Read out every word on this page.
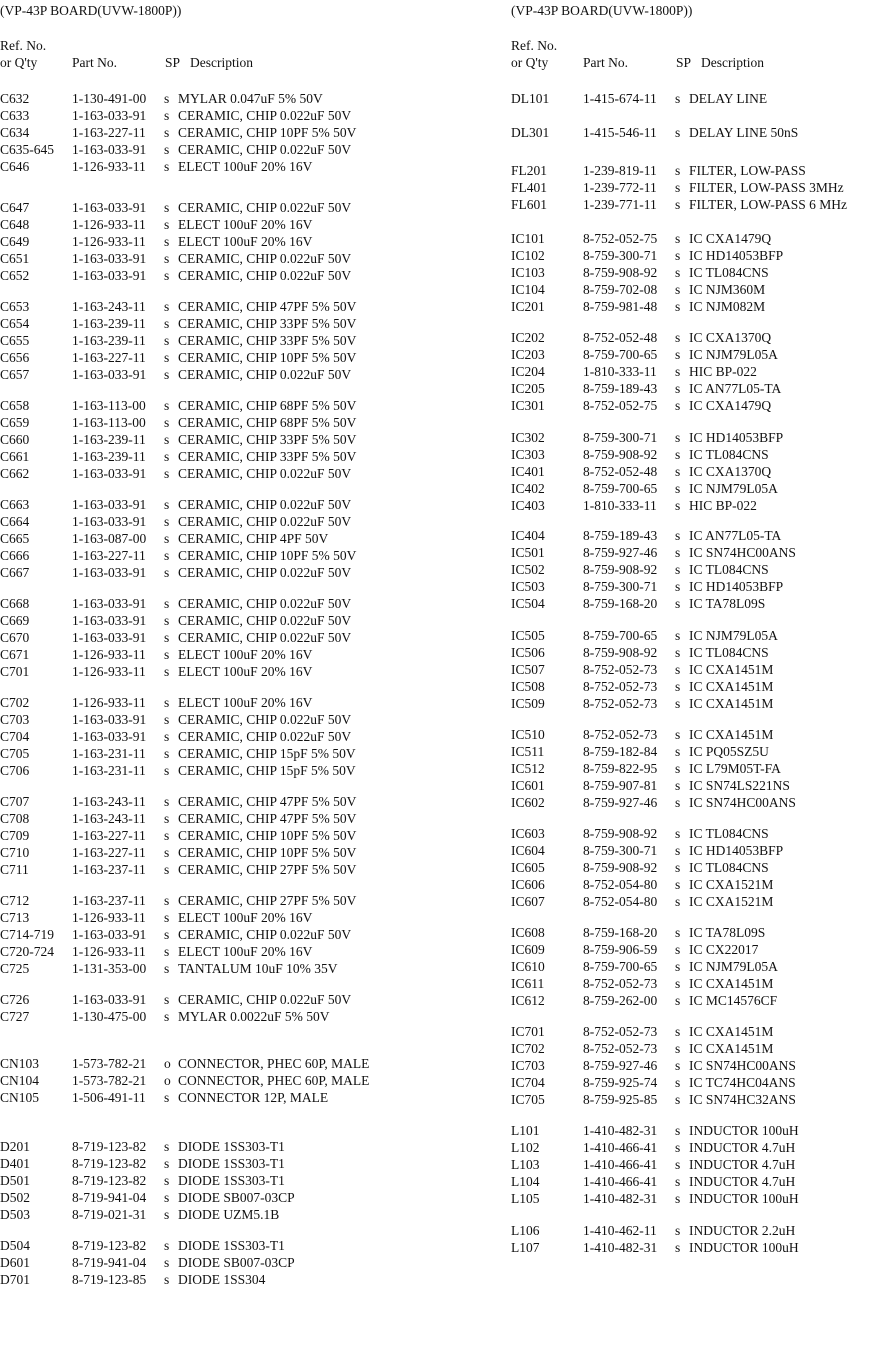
(VP-43P BOARD(UVW-1800P))
Ref. No.
or Q'ty	Part No.	SP Description
C632	1-130-491-00 s MYLAR 0.047uF 5% 50V
C633	1-163-033-91 s CERAMIC, CHIP 0.022uF 50V
C634	1-163-227-11 s CERAMIC, CHIP 10PF 5% 50V
C635-645 1-163-033-91 s CERAMIC, CHIP 0.022uF 50V
C646	1-126-933-11 s ELECT 100uF 20% 16V
C647	1-163-033-91 s CERAMIC, CHIP 0.022uF 50V
C648	1-126-933-11 s ELECT 100uF 20% 16V
C649	1-126-933-11 s ELECT 100uF 20% 16V
C651	1-163-033-91 s CERAMIC, CHIP 0.022uF 50V
C652	1-163-033-91 s CERAMIC, CHIP 0.022uF 50V
C653	1-163-243-11 s CERAMIC, CHIP 47PF 5% 50V
C654	1-163-239-11 s CERAMIC, CHIP 33PF 5% 50V
C655	1-163-239-11 s CERAMIC, CHIP 33PF 5% 50V
C656	1-163-227-11 s CERAMIC, CHIP 10PF 5% 50V
C657	1-163-033-91 s CERAMIC, CHIP 0.022uF 50V
C658	1-163-113-00 s CERAMIC, CHIP 68PF 5% 50V
C659	1-163-113-00 s CERAMIC, CHIP 68PF 5% 50V
C660	1-163-239-11 s CERAMIC, CHIP 33PF 5% 50V
C661	1-163-239-11 s CERAMIC, CHIP 33PF 5% 50V
C662	1-163-033-91 s CERAMIC, CHIP 0.022uF 50V
C663	1-163-033-91 s CERAMIC, CHIP 0.022uF 50V
C664	1-163-033-91 s CERAMIC, CHIP 0.022uF 50V
C665	1-163-087-00 s CERAMIC, CHIP 4PF 50V
C666	1-163-227-11 s CERAMIC, CHIP 10PF 5% 50V
C667	1-163-033-91 s CERAMIC, CHIP 0.022uF 50V
C668	1-163-033-91 s CERAMIC, CHIP 0.022uF 50V
C669	1-163-033-91 s CERAMIC, CHIP 0.022uF 50V
C670	1-163-033-91 s CERAMIC, CHIP 0.022uF 50V
C671	1-126-933-11 s ELECT 100uF 20% 16V
C701	1-126-933-11 s ELECT 100uF 20% 16V
C702	1-126-933-11 s ELECT 100uF 20% 16V
C703	1-163-033-91 s CERAMIC, CHIP 0.022uF 50V
C704	1-163-033-91 s CERAMIC, CHIP 0.022uF 50V
C705	1-163-231-11 s CERAMIC, CHIP 15pF 5% 50V
C706	1-163-231-11 s CERAMIC, CHIP 15pF 5% 50V
C707	1-163-243-11 s CERAMIC, CHIP 47PF 5% 50V
C708	1-163-243-11 s CERAMIC, CHIP 47PF 5% 50V
C709	1-163-227-11 s CERAMIC, CHIP 10PF 5% 50V
C710	1-163-227-11 s CERAMIC, CHIP 10PF 5% 50V
C711	1-163-237-11 s CERAMIC, CHIP 27PF 5% 50V
C712	1-163-237-11 s CERAMIC, CHIP 27PF 5% 50V
C713	1-126-933-11 s ELECT 100uF 20% 16V
C714-719 1-163-033-91 s CERAMIC, CHIP 0.022uF 50V
C720-724 1-126-933-11 s ELECT 100uF 20% 16V
C725	1-131-353-00 s TANTALUM 10uF 10% 35V
C726	1-163-033-91 s CERAMIC, CHIP 0.022uF 50V
C727	1-130-475-00 s MYLAR 0.0022uF 5% 50V
CN103 1-573-782-21 o CONNECTOR, PHEC 60P, MALE
CN104 1-573-782-21 o CONNECTOR, PHEC 60P, MALE
CN105 1-506-491-11 s CONNECTOR 12P, MALE
D201	8-719-123-82 s DIODE 1SS303-T1
D401	8-719-123-82 s DIODE 1SS303-T1
D501	8-719-123-82 s DIODE 1SS303-T1
D502	8-719-941-04 s DIODE SB007-03CP
D503	8-719-021-31 s DIODE UZM5.1B
D504	8-719-123-82 s DIODE 1SS303-T1
D601	8-719-941-04 s DIODE SB007-03CP
D701	8-719-123-85 s DIODE 1SS304
(VP-43P BOARD(UVW-1800P))
Ref. No.
or Q'ty	Part No.	SP Description
DL101	1-415-674-11 s DELAY LINE
DL301	1-415-546-11 s DELAY LINE 50nS
FL201	1-239-819-11 s FILTER, LOW-PASS
FL401	1-239-772-11 s FILTER, LOW-PASS 3MHz
FL601	1-239-771-11 s FILTER, LOW-PASS 6 MHz
IC101	8-752-052-75 s IC CXA1479Q
IC102	8-759-300-71 s IC HD14053BFP
IC103	8-759-908-92 s IC TL084CNS
IC104	8-759-702-08 s IC NJM360M
IC201	8-759-981-48 s IC NJM082M
IC202	8-752-052-48 s IC CXA1370Q
IC203	8-759-700-65 s IC NJM79L05A
IC204	1-810-333-11 s HIC BP-022
IC205	8-759-189-43 s IC AN77L05-TA
IC301	8-752-052-75 s IC CXA1479Q
IC302	8-759-300-71 s IC HD14053BFP
IC303	8-759-908-92 s IC TL084CNS
IC401	8-752-052-48 s IC CXA1370Q
IC402	8-759-700-65 s IC NJM79L05A
IC403	1-810-333-11 s HIC BP-022
IC404	8-759-189-43 s IC AN77L05-TA
IC501	8-759-927-46 s IC SN74HC00ANS
IC502	8-759-908-92 s IC TL084CNS
IC503	8-759-300-71 s IC HD14053BFP
IC504	8-759-168-20 s IC TA78L09S
IC505	8-759-700-65 s IC NJM79L05A
IC506	8-759-908-92 s IC TL084CNS
IC507	8-752-052-73 s IC CXA1451M
IC508	8-752-052-73 s IC CXA1451M
IC509	8-752-052-73 s IC CXA1451M
IC510	8-752-052-73 s IC CXA1451M
IC511	8-759-182-84 s IC PQ05SZ5U
IC512	8-759-822-95 s IC L79M05T-FA
IC601	8-759-907-81 s IC SN74LS221NS
IC602	8-759-927-46 s IC SN74HC00ANS
IC603	8-759-908-92 s IC TL084CNS
IC604	8-759-300-71 s IC HD14053BFP
IC605	8-759-908-92 s IC TL084CNS
IC606	8-752-054-80 s IC CXA1521M
IC607	8-752-054-80 s IC CXA1521M
IC608	8-759-168-20 s IC TA78L09S
IC609	8-759-906-59 s IC CX22017
IC610	8-759-700-65 s IC NJM79L05A
IC611	8-752-052-73 s IC CXA1451M
IC612	8-759-262-00 s IC MC14576CF
IC701	8-752-052-73 s IC CXA1451M
IC702	8-752-052-73 s IC CXA1451M
IC703	8-759-927-46 s IC SN74HC00ANS
IC704	8-759-925-74 s IC TC74HC04ANS
IC705	8-759-925-85 s IC SN74HC32ANS
L101	1-410-482-31 s INDUCTOR 100uH
L102	1-410-466-41 s INDUCTOR 4.7uH
L103	1-410-466-41 s INDUCTOR 4.7uH
L104	1-410-466-41 s INDUCTOR 4.7uH
L105	1-410-482-31 s INDUCTOR 100uH
L106	1-410-462-11 s INDUCTOR 2.2uH
L107	1-410-482-31 s INDUCTOR 100uH
